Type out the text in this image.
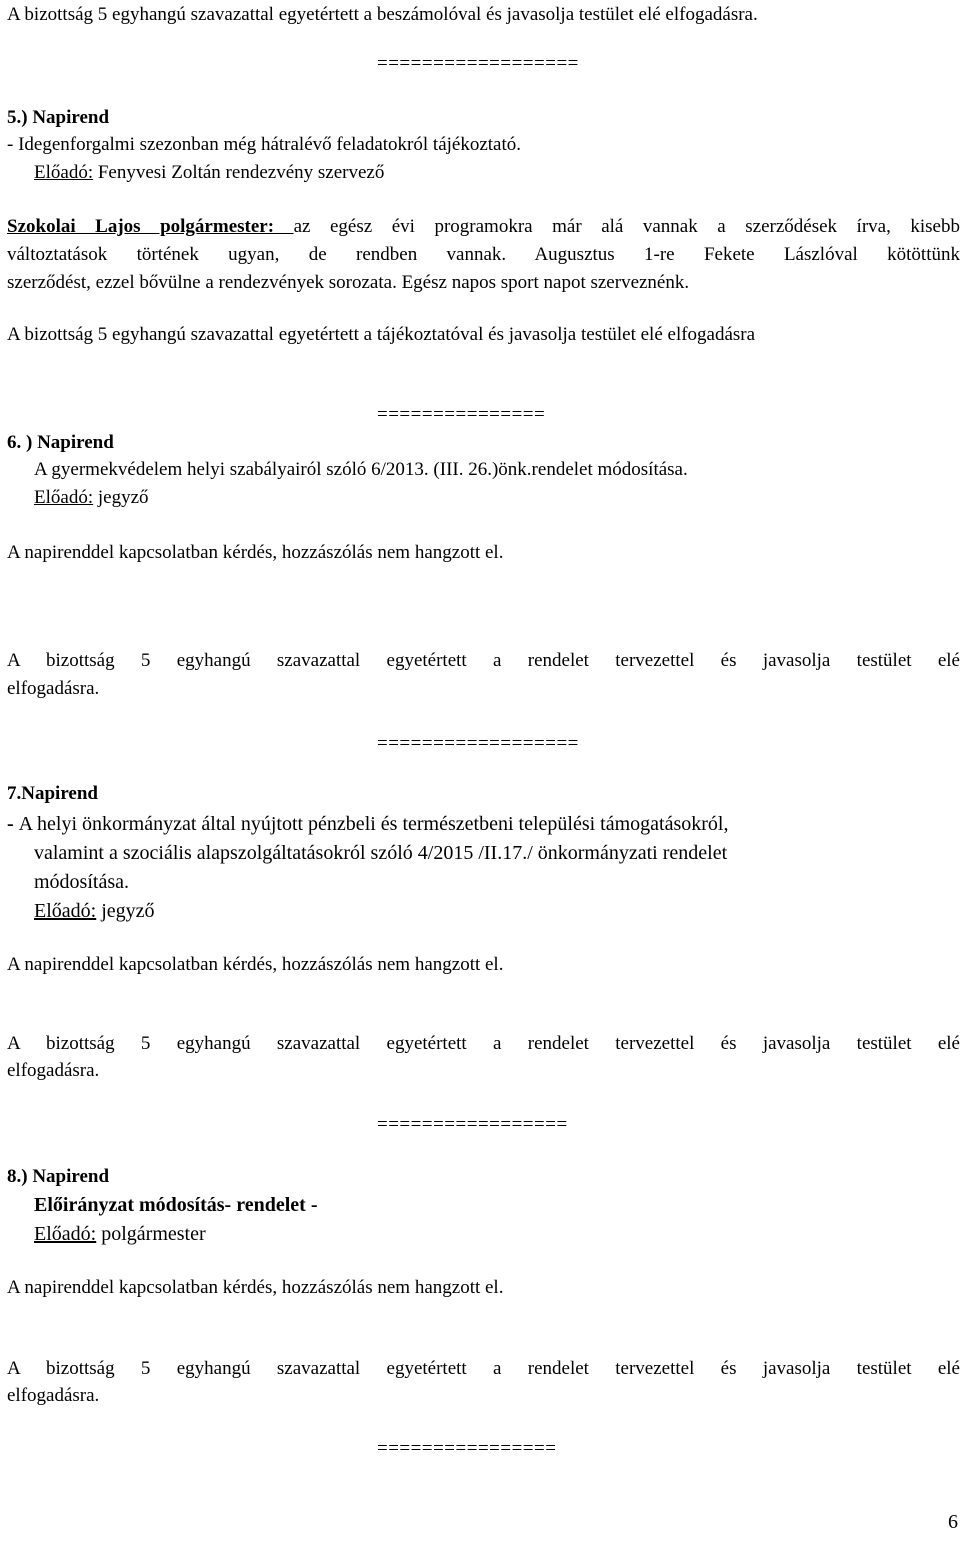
A bizottság 5 egyhangú szavazattal egyetértett a beszámolóval és javasolja testület elé elfogadásra.
==================
5.) Napirend
- Idegenforgalmi szezonban még hátralévő feladatokról tájékoztató.
Előadó: Fenyvesi Zoltán rendezvény szervező
Szokolai Lajos polgármester: az egész évi programokra már alá vannak a szerződések írva, kisebb
változtatások történek ugyan, de rendben vannak. Augusztus 1-re Fekete Lászlóval kötöttünk
szerződést, ezzel bővülne a rendezvények sorozata. Egész napos sport napot szerveznénk.
A bizottság 5 egyhangú szavazattal egyetértett a tájékoztatóval és javasolja testület elé elfogadásra
===============
6. ) Napirend
A gyermekvédelem helyi szabályairól szóló 6/2013. (III. 26.)önk.rendelet módosítása.
Előadó: jegyző
A napirenddel kapcsolatban kérdés, hozzászólás nem hangzott el.
A bizottság 5 egyhangú szavazattal egyetértett a rendelet tervezettel és javasolja testület elé
elfogadásra.
==================
7.Napirend
- A helyi önkormányzat által nyújtott pénzbeli és természetbeni települési támogatásokról,
valamint a szociális alapszolgáltatásokról szóló 4/2015 /II.17./ önkormányzati rendelet
módosítása.
Előadó: jegyző
A napirenddel kapcsolatban kérdés, hozzászólás nem hangzott el.
A bizottság 5 egyhangú szavazattal egyetértett a rendelet tervezettel és javasolja testület elé
elfogadásra.
=================
8.) Napirend
Előirányzat módosítás- rendelet -
Előadó: polgármester
A napirenddel kapcsolatban kérdés, hozzászólás nem hangzott el.
A bizottság 5 egyhangú szavazattal egyetértett a rendelet tervezettel és javasolja testület elé
elfogadásra.
================
6
